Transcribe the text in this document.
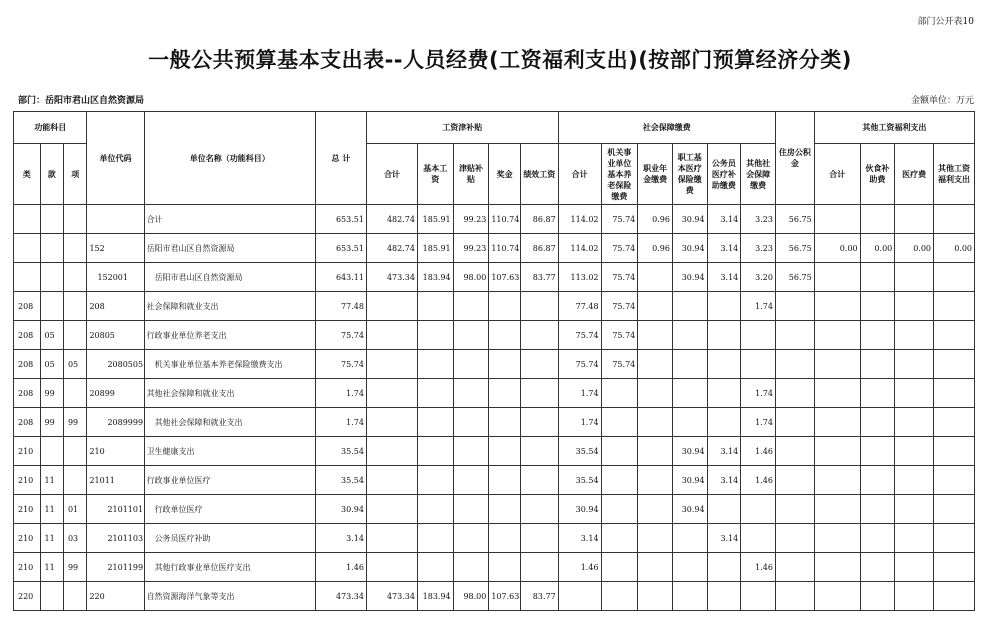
部门公开表10
一般公共预算基本支出表--人员经费(工资福利支出)(按部门预算经济分类)
部门：岳阳市君山区自然资源局	金额单位：万元
功能科目			单位代码	单位名称（功能科目）	总 计	工资津补贴					社会保障缴费						住房公积金	其他工资福利支出			
类	款	项				合计	基本工资	津贴补贴	奖金	绩效工资	合计	机关事业单位基本养老保险缴费	职业年金缴费	职工基本医疗保险缴费	公务员医疗补助缴费	其他社会保障缴费		合计	伙食补助费	医疗费	其他工资福利支出
				合计	653.51	482.74	185.91	99.23	110.74	86.87	114.02	75.74	0.96	30.94	3.14	3.23	56.75				
			152	岳阳市君山区自然资源局	653.51	482.74	185.91	99.23	110.74	86.87	114.02	75.74	0.96	30.94	3.14	3.23	56.75	0.00	0.00	0.00	0.00
			152001	岳阳市君山区自然资源局	643.11	473.34	183.94	98.00	107.63	83.77	113.02	75.74		30.94	3.14	3.20	56.75				
208			208	社会保障和就业支出	77.48						77.48	75.74				1.74					
208	05		20805	行政事业单位养老支出	75.74						75.74	75.74									
208	05	05	2080505	机关事业单位基本养老保险缴费支出	75.74						75.74	75.74									
208	99		20899	其他社会保障和就业支出	1.74						1.74					1.74					
208	99	99	2089999	其他社会保障和就业支出	1.74						1.74					1.74					
210			210	卫生健康支出	35.54						35.54			30.94	3.14	1.46					
210	11		21011	行政事业单位医疗	35.54						35.54			30.94	3.14	1.46					
210	11	01	2101101	行政单位医疗	30.94						30.94			30.94							
210	11	03	2101103	公务员医疗补助	3.14						3.14				3.14						
210	11	99	2101199	其他行政事业单位医疗支出	1.46						1.46					1.46					
220			220	自然资源海洋气象等支出	473.34	473.34	183.94	98.00	107.63	83.77											
